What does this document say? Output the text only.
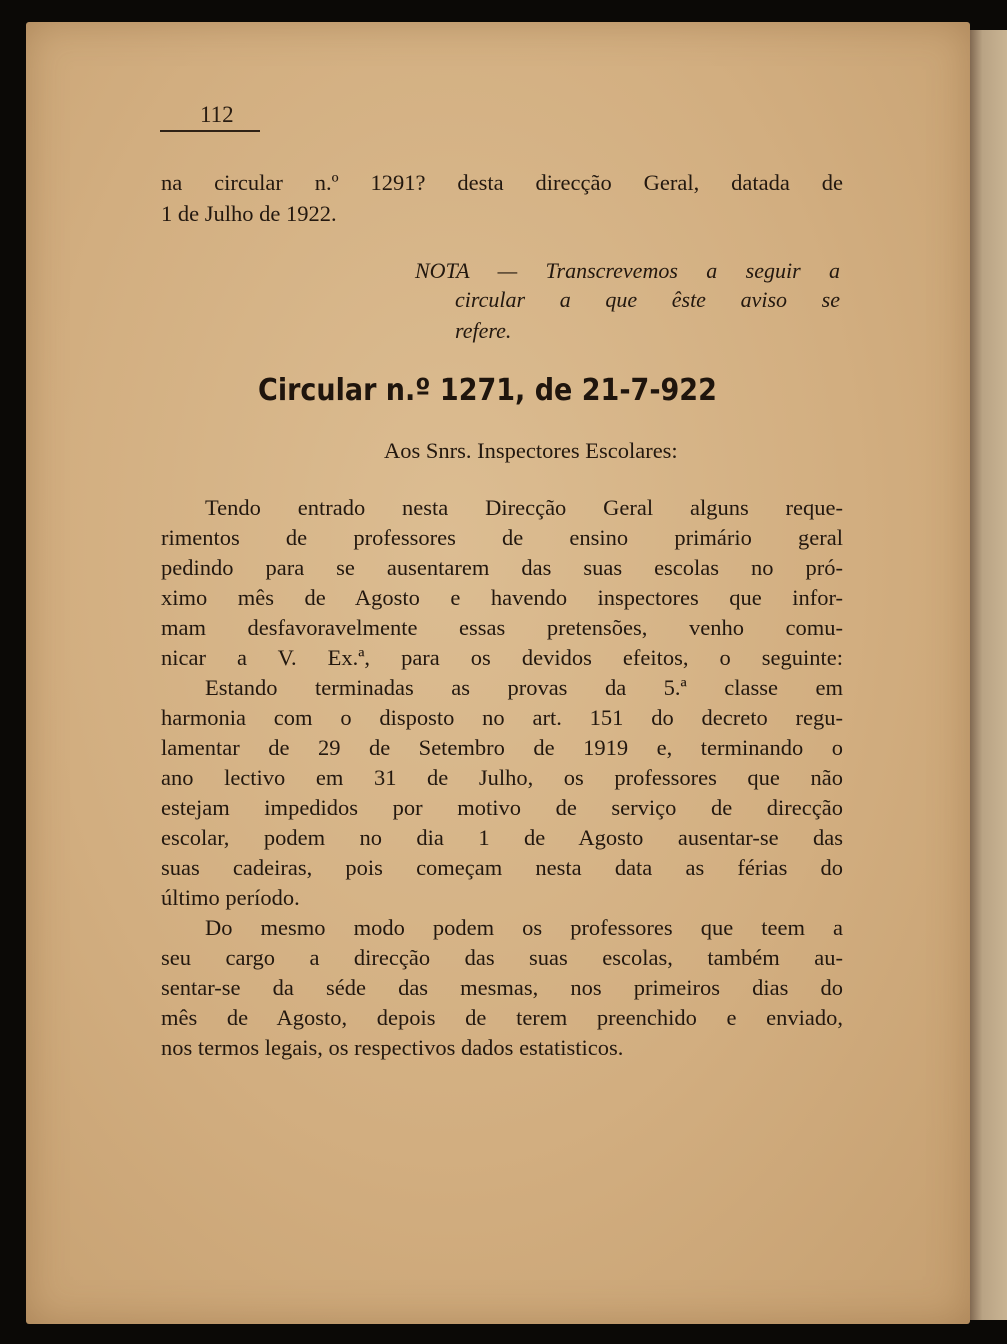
112
na circular n.º 1291? desta direcção Geral, datada de
1 de Julho de 1922.
NOTA — Transcrevemos a seguir a
circular a que êste aviso se
refere.
Circular n.º 1271, de 21-7-922
Aos Snrs. Inspectores Escolares:
Tendo entrado nesta Direcção Geral alguns reque-
rimentos de professores de ensino primário geral
pedindo para se ausentarem das suas escolas no pró-
ximo mês de Agosto e havendo inspectores que infor-
mam desfavoravelmente essas pretensões, venho comu-
nicar a V. Ex.ª, para os devidos efeitos, o seguinte:
Estando terminadas as provas da 5.ª classe em
harmonia com o disposto no art. 151 do decreto regu-
lamentar de 29 de Setembro de 1919 e, terminando o
ano lectivo em 31 de Julho, os professores que não
estejam impedidos por motivo de serviço de direcção
escolar, podem no dia 1 de Agosto ausentar-se das
suas cadeiras, pois começam nesta data as férias do
último período.
Do mesmo modo podem os professores que teem a
seu cargo a direcção das suas escolas, também au-
sentar-se da séde das mesmas, nos primeiros dias do
mês de Agosto, depois de terem preenchido e enviado,
nos termos legais, os respectivos dados estatisticos.
